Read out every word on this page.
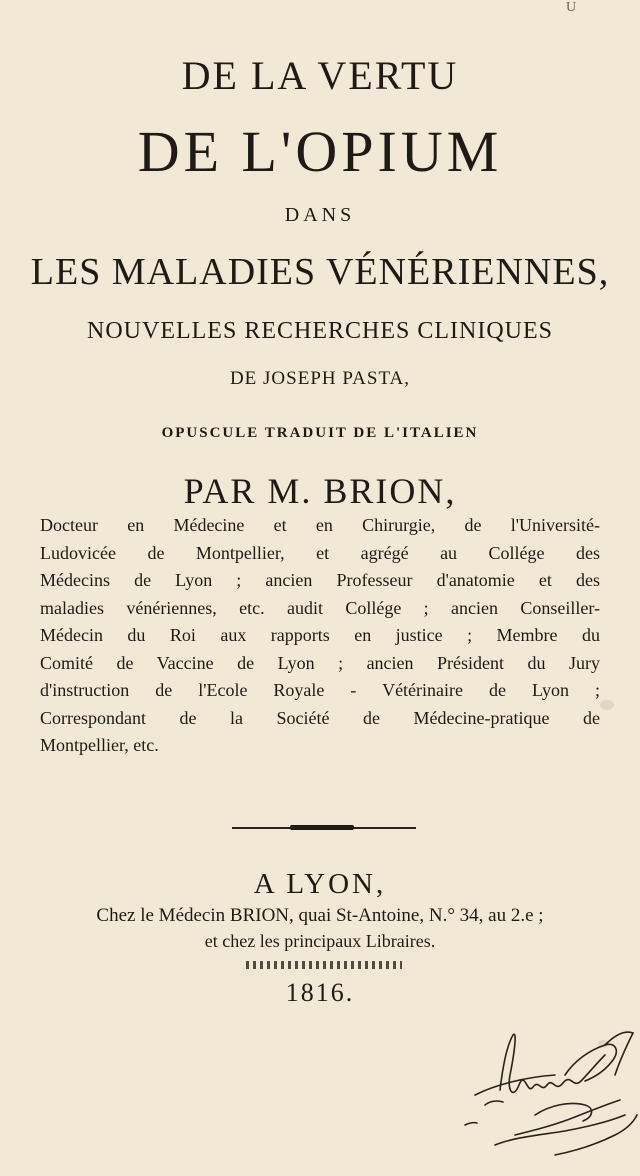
U
DE LA VERTU
DE L'OPIUM
DANS
LES MALADIES VÉNÉRIENNES,
NOUVELLES RECHERCHES CLINIQUES
DE JOSEPH PASTA,
OPUSCULE TRADUIT DE L'ITALIEN
PAR M. BRION,
Docteur en Médecine et en Chirurgie, de l'Université-
Ludovicée de Montpellier, et agrégé au Collége des
Médecins de Lyon ; ancien Professeur d'anatomie et des
maladies vénériennes, etc. audit Collége ; ancien Conseiller-
Médecin du Roi aux rapports en justice ; Membre du
Comité de Vaccine de Lyon ; ancien Président du Jury
d'instruction de l'Ecole Royale - Vétérinaire de Lyon ;
Correspondant de la Société de Médecine-pratique de
Montpellier, etc.
A LYON,
Chez le Médecin BRION, quai St-Antoine, N.° 34, au 2.e ;
et chez les principaux Libraires.
1816.
